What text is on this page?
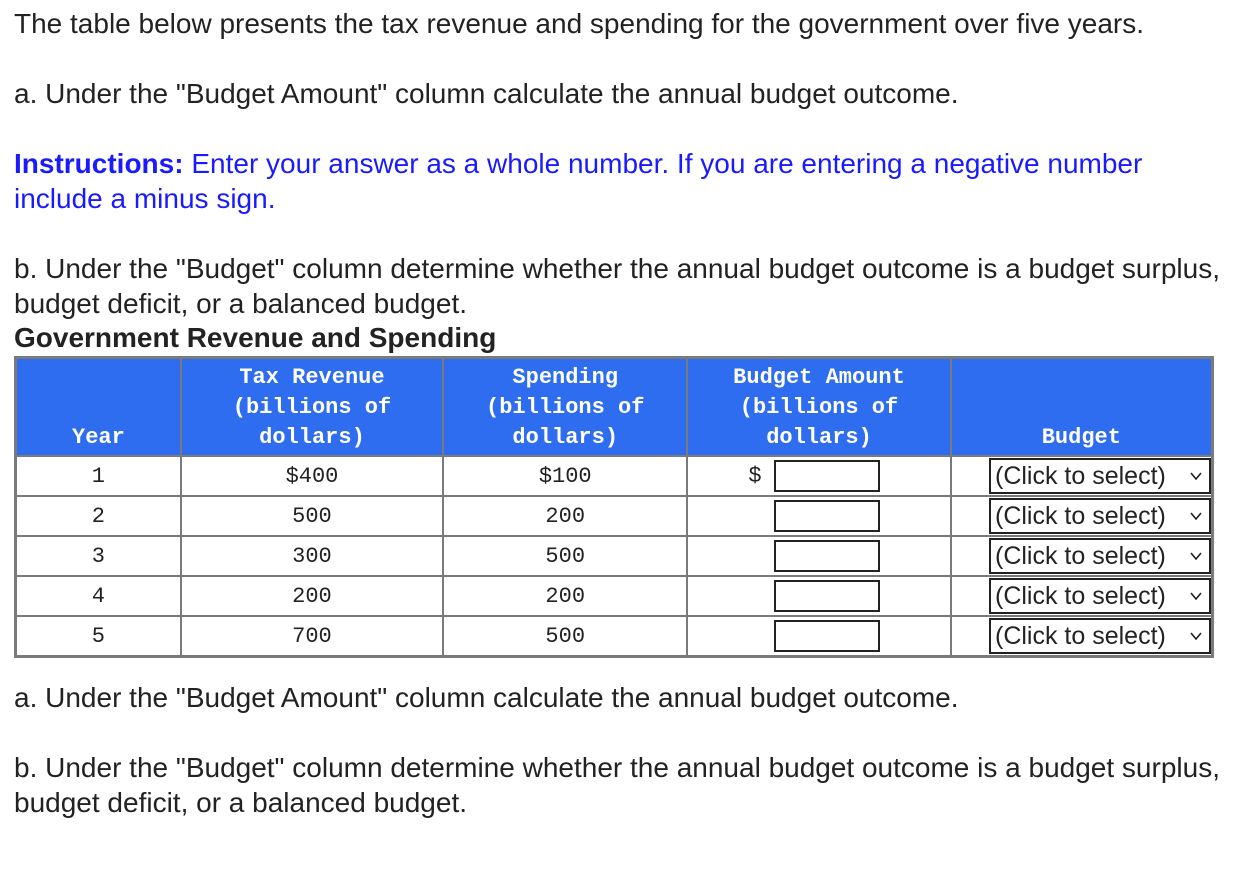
The table below presents the tax revenue and spending for the government over five years.

a. Under the "Budget Amount" column calculate the annual budget outcome.

Instructions: Enter your answer as a whole number. If you are entering a negative number include a minus sign.

b. Under the "Budget" column determine whether the annual budget outcome is a budget surplus, budget deficit, or a balanced budget.

Government Revenue and Spending
Year	Tax Revenue (billions of dollars)	Spending (billions of dollars)	Budget Amount (billions of dollars)	Budget
1	$400	$100	$	(Click to select)

2	500	200		(Click to select)

3	300	500		(Click to select)

4	200	200		(Click to select)

5	700	500		(Click to select)

a. Under the "Budget Amount" column calculate the annual budget outcome.

b. Under the "Budget" column determine whether the annual budget outcome is a budget surplus, budget deficit, or a balanced budget.
